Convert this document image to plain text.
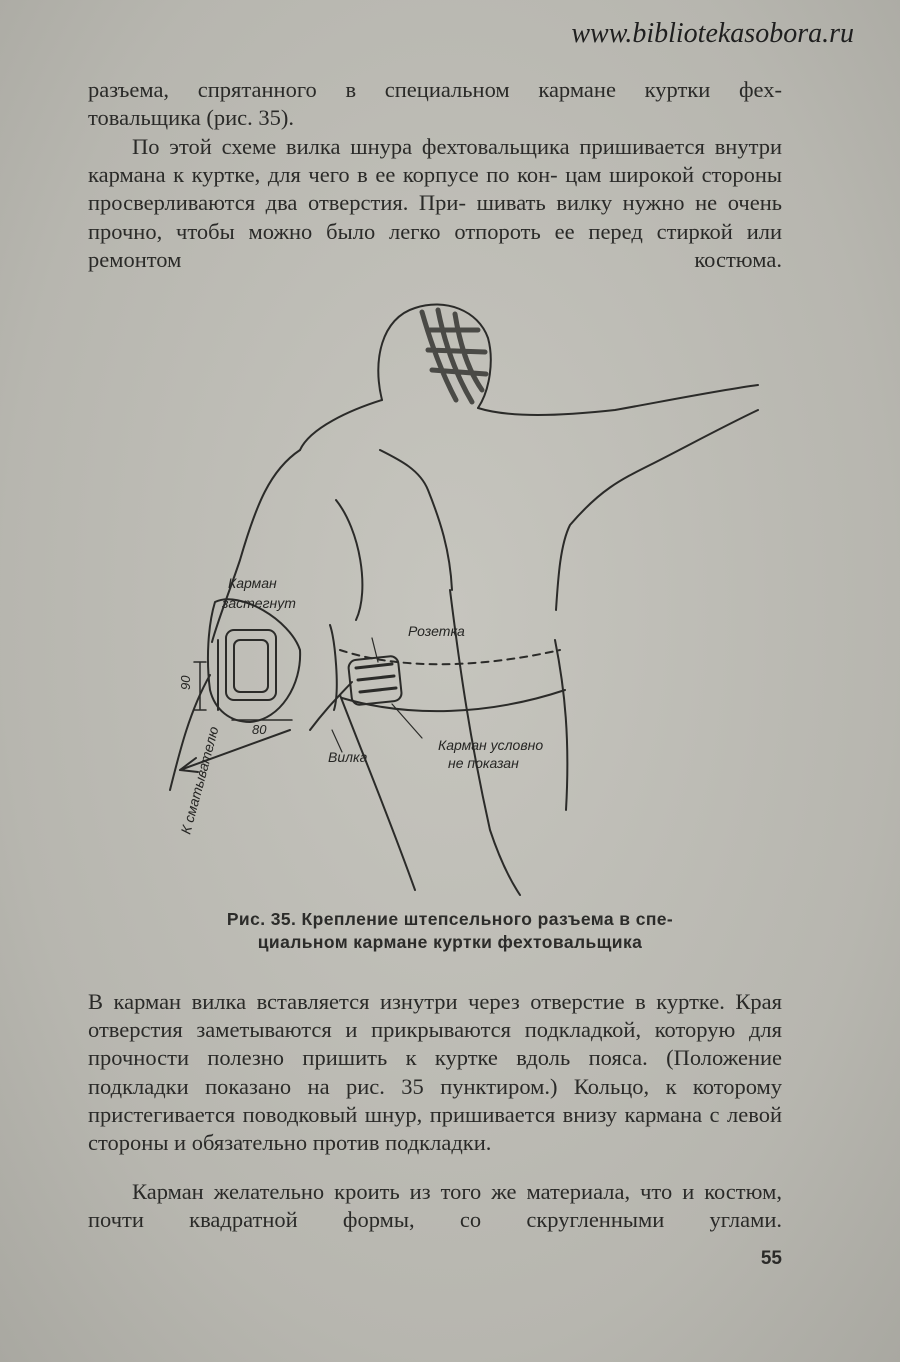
www.bibliotekasobora.ru

разъема, спрятанного в специальном кармане куртки фех-

товальщика (рис. 35).

По этой схеме вилка шнура фехтовальщика пришивается внутри кармана к куртке, для чего в ее корпусе по кон- цам широкой стороны просверливаются два отверстия. При- шивать вилку нужно не очень прочно, чтобы можно было легко отпороть ее перед стиркой или ремонтом костюма.

Карман
застегнут
Розетка
Вилка
Карман условно
не показан
К сматывателю
90
80
Рис. 35. Крепление штепсельного разъема в спе-
циальном кармане куртки фехтовальщика

В карман вилка вставляется изнутри через отверстие в куртке. Края отверстия заметываются и прикрываются подкладкой, которую для прочности полезно пришить к куртке вдоль пояса. (Положение подкладки показано на рис. 35 пунктиром.) Кольцо, к которому пристегивается поводковый шнур, пришивается внизу кармана с левой
стороны и обязательно против подкладки.

Карман желательно кроить из того же материала, что и костюм, почти квадратной формы, со скругленными углами.

55
